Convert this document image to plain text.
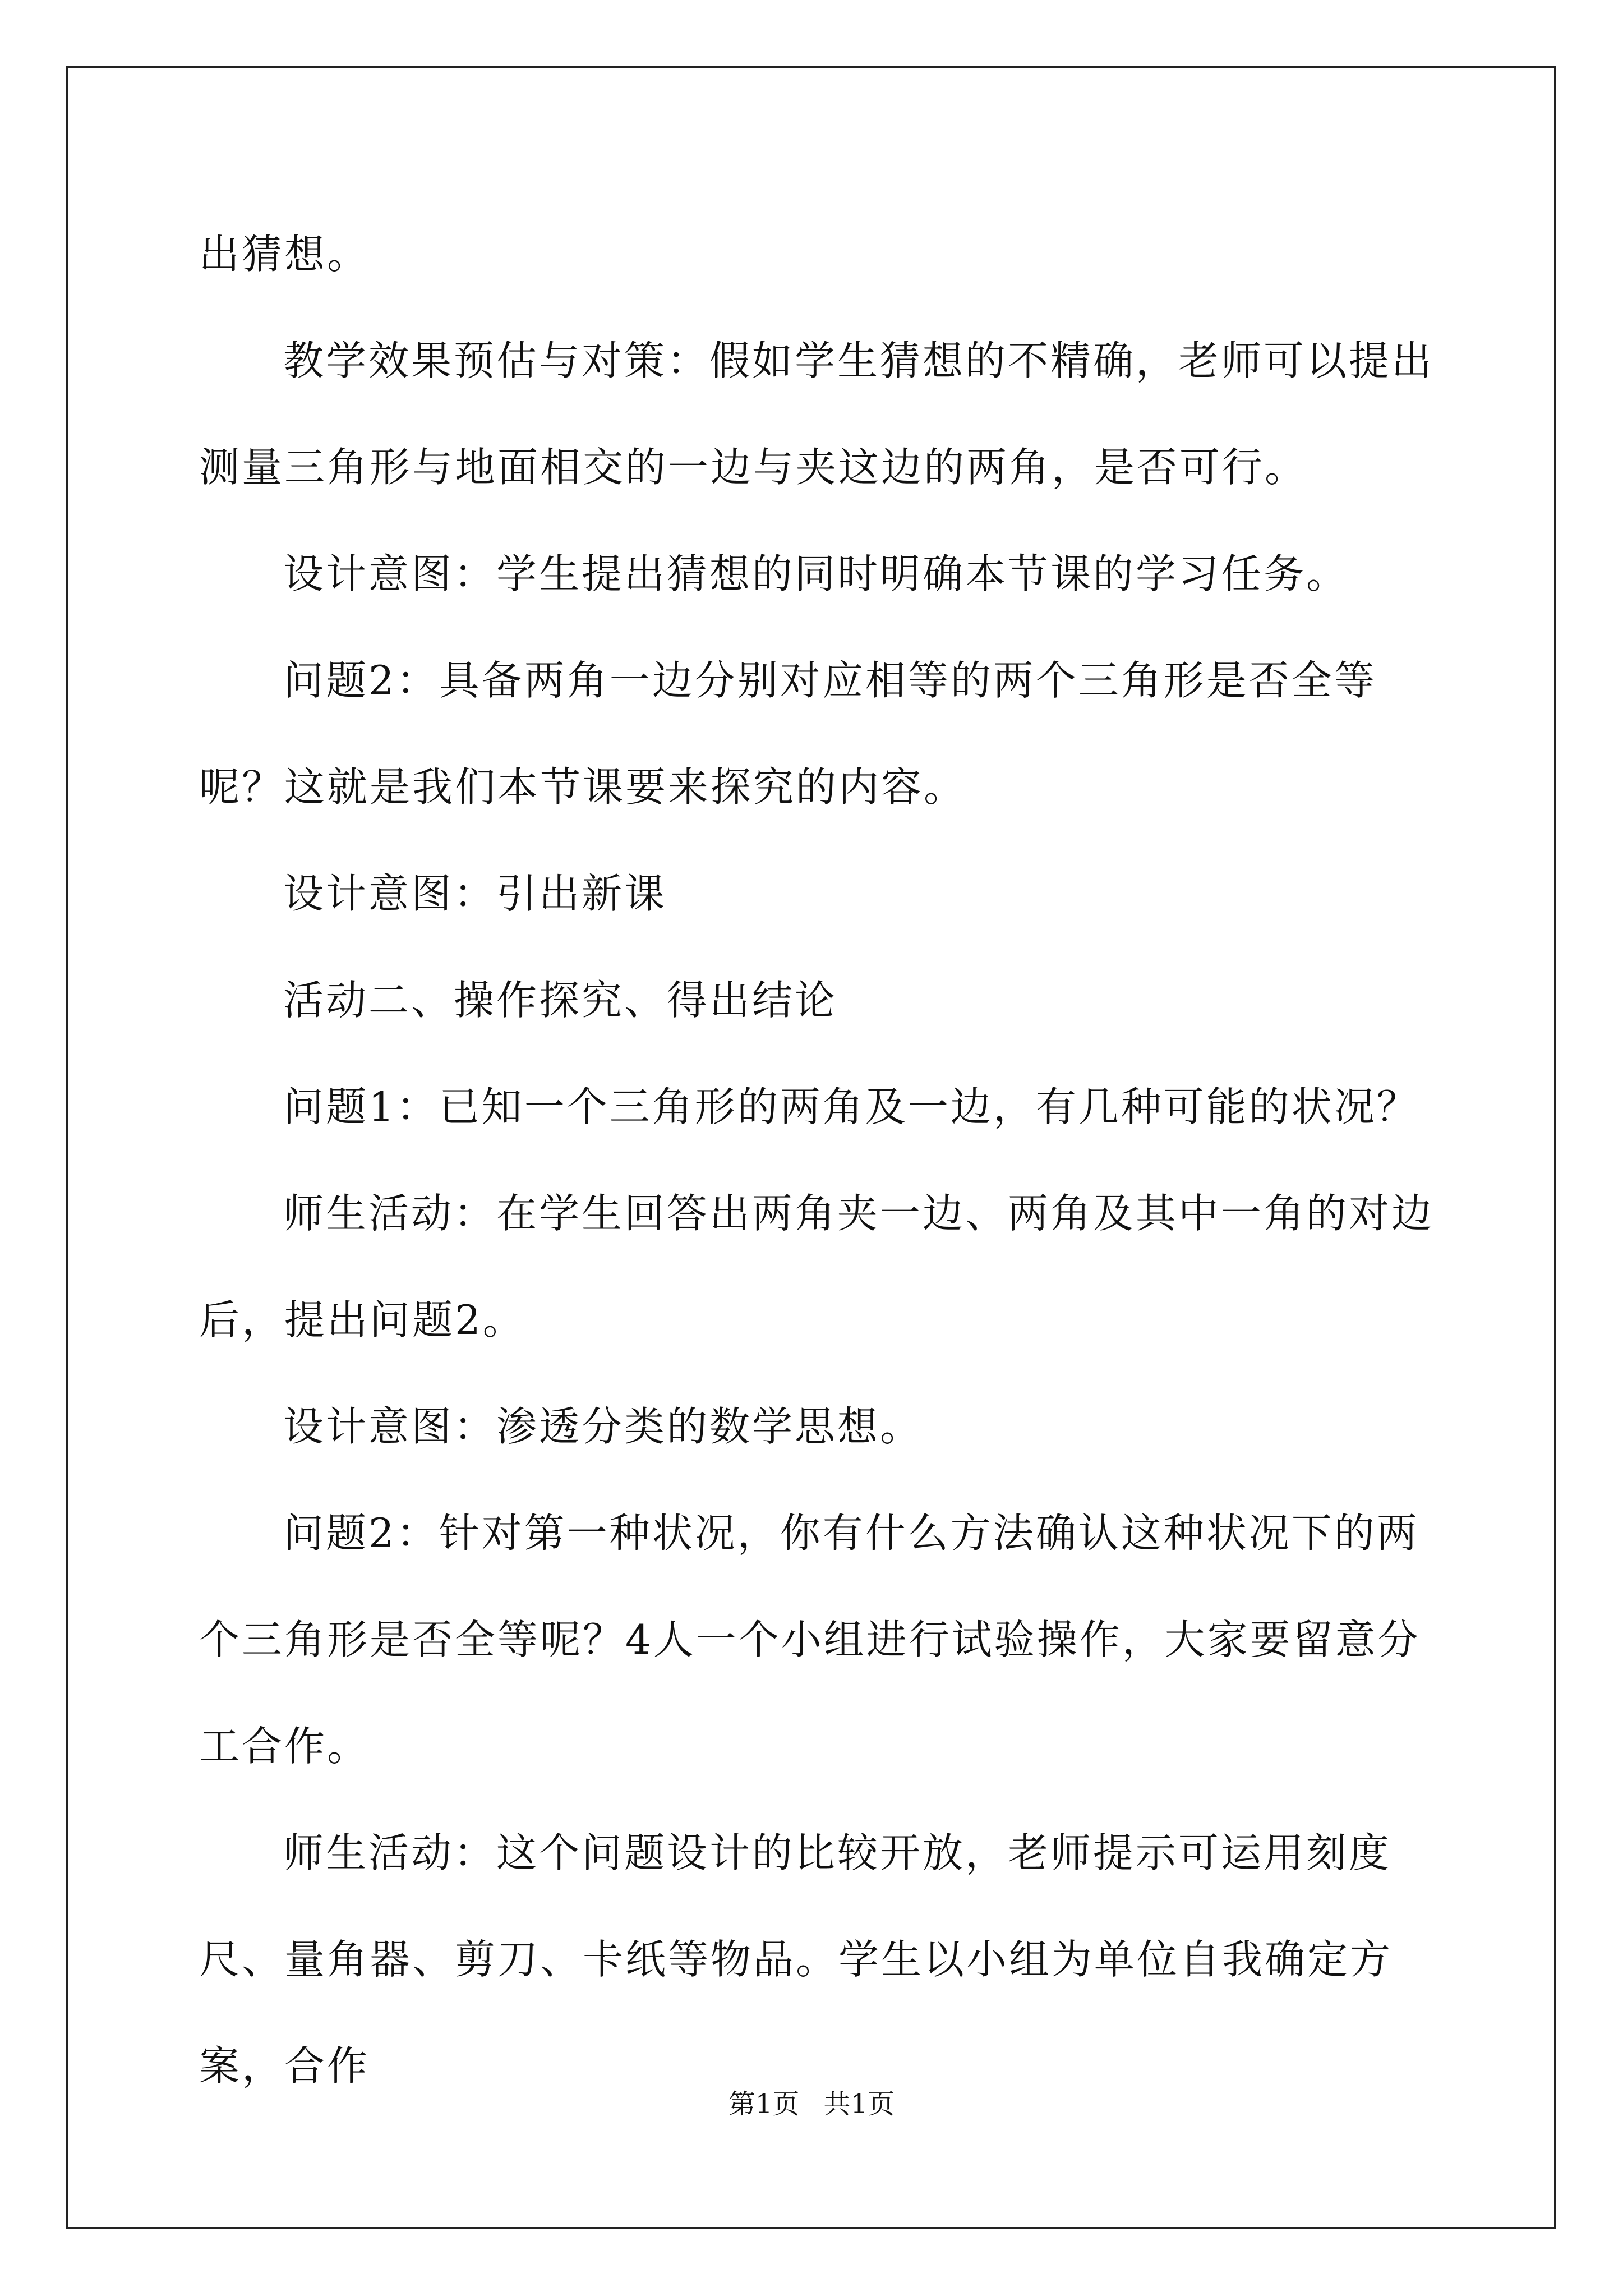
出猜想。

教学效果预估与对策：假如学生猜想的不精确，老师可以提出测量三角形与地面相交的一边与夹这边的两角，是否可行。

设计意图：学生提出猜想的同时明确本节课的学习任务。

问题2：具备两角一边分别对应相等的两个三角形是否全等呢？这就是我们本节课要来探究的内容。

设计意图：引出新课

活动二、操作探究、得出结论

问题1：已知一个三角形的两角及一边，有几种可能的状况？

师生活动：在学生回答出两角夹一边、两角及其中一角的对边后，提出问题2。

设计意图：渗透分类的数学思想。

问题2：针对第一种状况，你有什么方法确认这种状况下的两个三角形是否全等呢？4人一个小组进行试验操作，大家要留意分工合作。

师生活动：这个问题设计的比较开放，老师提示可运用刻度尺、量角器、剪刀、卡纸等物品。学生以小组为单位自我确定方案，合作

第1页 共1页
